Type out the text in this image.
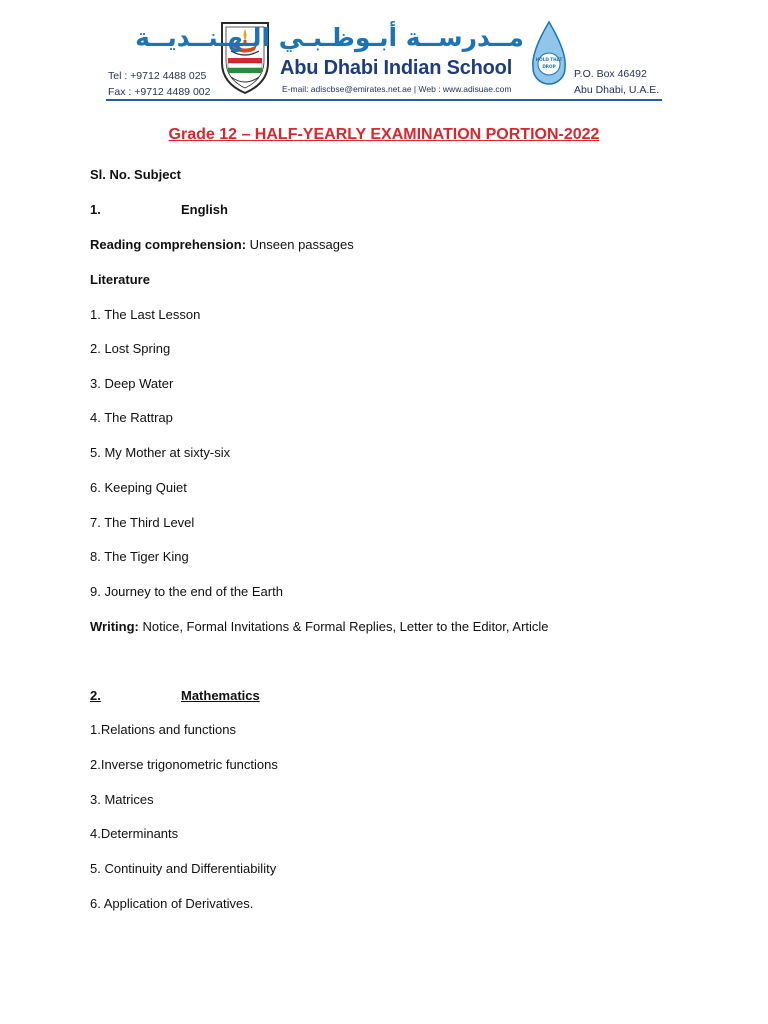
Tel : +9712 4488 025
Fax : +9712 4489 002
مــدرســة أبـوظـبـي الـهـنــديــة
Abu Dhabi Indian School
E-mail: adiscbse@emirates.net.ae | Web : www.adisuae.com
HOLD THAT
DROP
P.O. Box 46492
Abu Dhabi, U.A.E.
Grade 12 – HALF-YEARLY EXAMINATION PORTION-2022
Sl. No. Subject
1.	English
Reading comprehension: Unseen passages
Literature
1. The Last Lesson
2. Lost Spring
3. Deep Water
4. The Rattrap
5. My Mother at sixty-six
6. Keeping Quiet
7. The Third Level
8. The Tiger King
9. Journey to the end of the Earth
Writing: Notice, Formal Invitations & Formal Replies, Letter to the Editor, Article
2.	Mathematics
1.Relations and functions
2.Inverse trigonometric functions
3. Matrices
4.Determinants
5. Continuity and Differentiability
6. Application of Derivatives.
